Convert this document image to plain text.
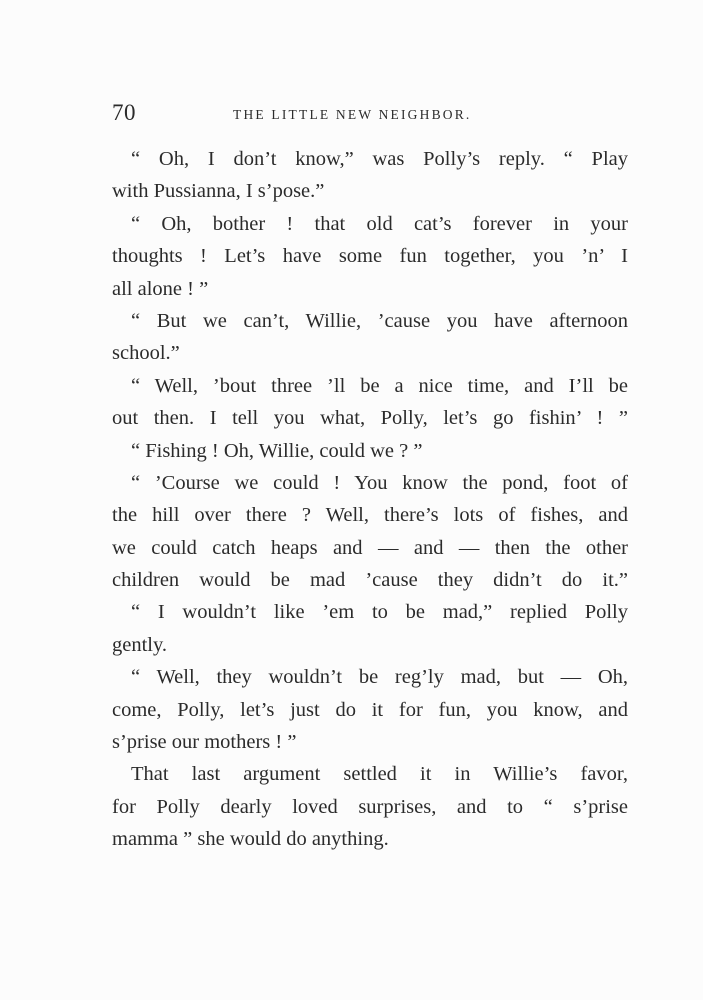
70	THE LITTLE NEW NEIGHBOR.
“ Oh, I don’t know,” was Polly’s reply. “ Play
with Pussianna, I s’pose.”
“ Oh, bother ! that old cat’s forever in your
thoughts ! Let’s have some fun together, you ’n’ I
all alone ! ”
“ But we can’t, Willie, ’cause you have afternoon
school.”
“ Well, ’bout three ’ll be a nice time, and I’ll be
out then. I tell you what, Polly, let’s go fishin’ ! ”
“ Fishing ! Oh, Willie, could we ? ”
“ ’Course we could ! You know the pond, foot of
the hill over there ? Well, there’s lots of fishes, and
we could catch heaps and — and — then the other
children would be mad ’cause they didn’t do it.”
“ I wouldn’t like ’em to be mad,” replied Polly
gently.
“ Well, they wouldn’t be reg’ly mad, but — Oh,
come, Polly, let’s just do it for fun, you know, and
s’prise our mothers ! ”
That last argument settled it in Willie’s favor,
for Polly dearly loved surprises, and to “ s’prise
mamma ” she would do anything.
